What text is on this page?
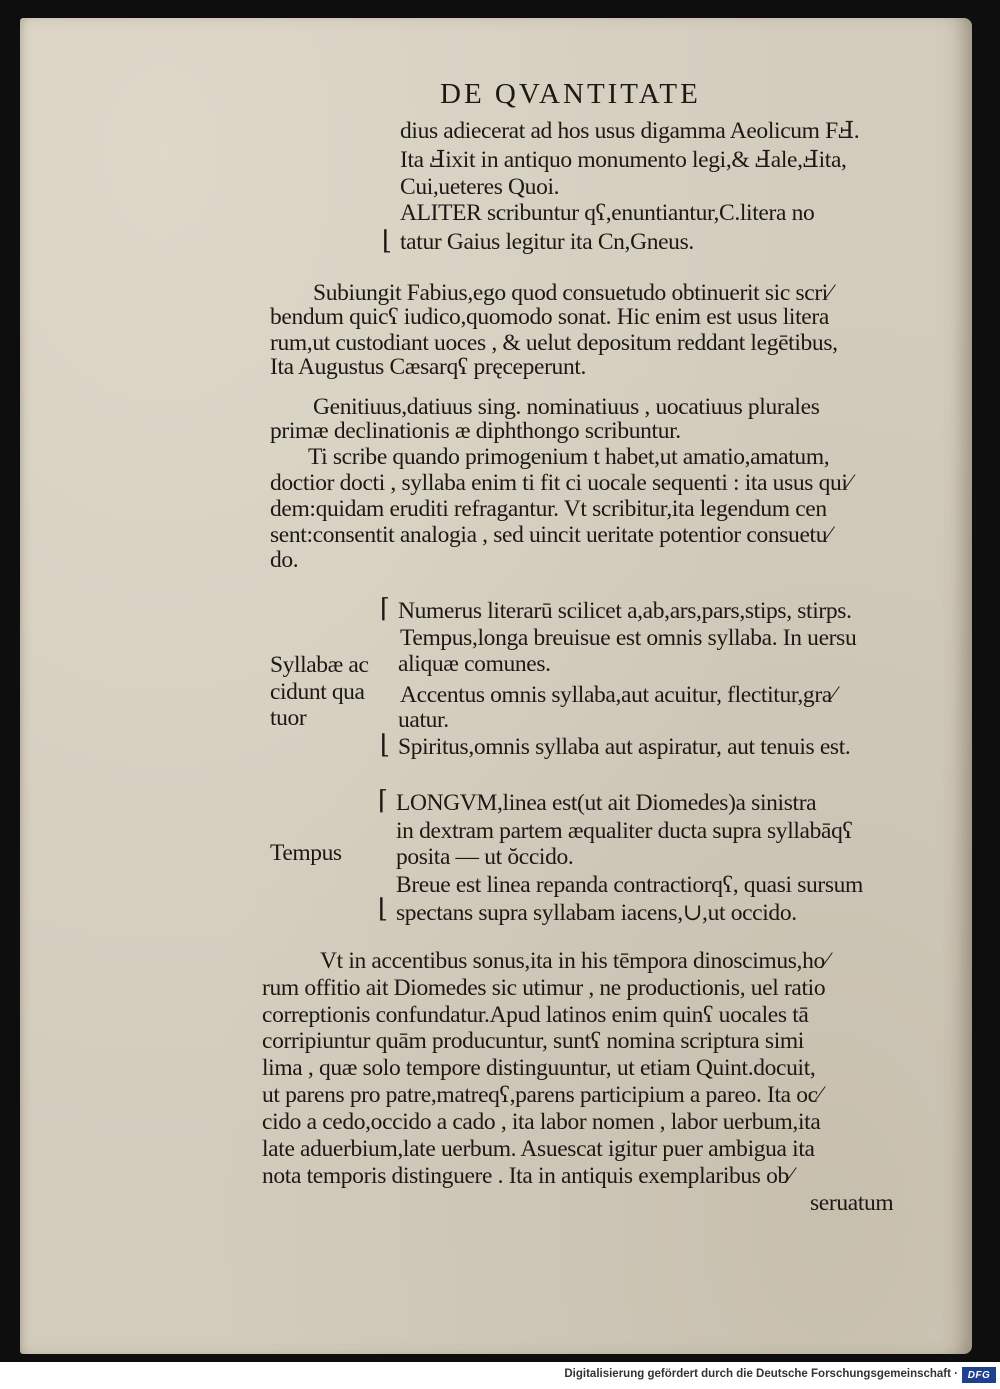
DE QVANTITATE
dius adiecerat ad hos usus digamma Aeolicum FℲ.
Ita Ⅎixit in antiquo monumento legi,& Ⅎale,Ⅎita,
Cui,ueteres Quoi.
ALITER scribuntur qʕ,enuntiantur,C.litera no
tatur Gaius legitur ita Cn,Gneus.
⌊
Subiungit Fabius,ego quod consuetudo obtinuerit sic scri⁄
bendum quicʕ iudico,quomodo sonat. Hic enim est usus litera
rum,ut custodiant uoces , & uelut depositum reddant legētibus,
Ita Augustus Cæsarqʕ pręceperunt.
Genitiuus,datiuus sing. nominatiuus , uocatiuus plurales
primæ declinationis æ diphthongo scribuntur.
Ti scribe quando primogenium t habet,ut amatio,amatum,
doctior docti , syllaba enim ti fit ci uocale sequenti : ita usus qui⁄
dem:quidam eruditi refragantur. Vt scribitur,ita legendum cen
sent:consentit analogia , sed uincit ueritate potentior consuetu⁄
do.
Syllabæ ac
cidunt qua
tuor
⌈
⌊
Numerus literarū scilicet a,ab,ars,pars,stips, stirps.
Tempus,longa breuisue est omnis syllaba. In uersu
aliquæ comunes.
Accentus omnis syllaba,aut acuitur, flectitur,gra⁄
uatur.
Spiritus,omnis syllaba aut aspiratur, aut tenuis est.
Tempus
⌈
⌊
LONGVM,linea est(ut ait Diomedes)a sinistra
in dextram partem æqualiter ducta supra syllabāqʕ
posita — ut ŏccido.
Breue est linea repanda contractiorqʕ, quasi sursum
spectans supra syllabam iacens,∪,ut occido.
Vt in accentibus sonus,ita in his tēmpora dinoscimus,ho⁄
rum offitio ait Diomedes sic utimur , ne productionis, uel ratio
correptionis confundatur.Apud latinos enim quinʕ uocales tā
corripiuntur quām producuntur, suntʕ nomina scriptura simi
lima , quæ solo tempore distinguuntur, ut etiam Quint.docuit,
ut parens pro patre,matreqʕ,parens participium a pareo. Ita oc⁄
cido a cedo,occido a cado , ita labor nomen , labor uerbum,ita
late aduerbium,late uerbum. Asuescat igitur puer ambigua ita
nota temporis distinguere . Ita in antiquis exemplaribus ob⁄
seruatum
Digitalisierung gefördert durch die Deutsche Forschungsgemeinschaft · DFG
